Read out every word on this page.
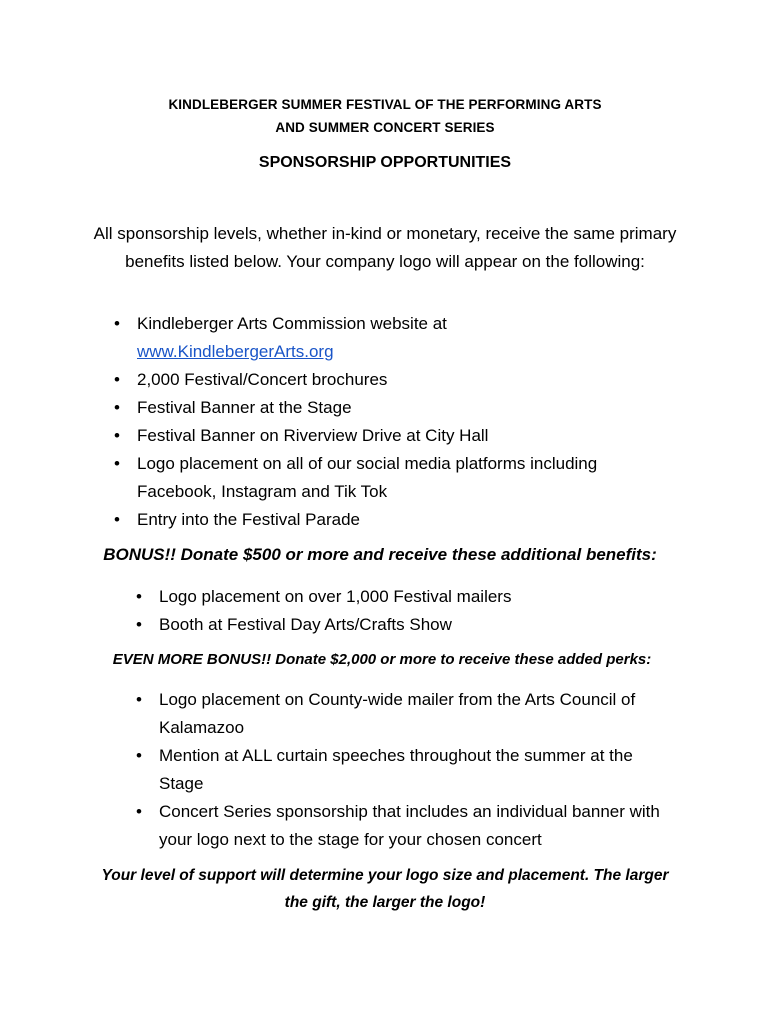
KINDLEBERGER SUMMER FESTIVAL OF THE PERFORMING ARTS
AND SUMMER CONCERT SERIES
SPONSORSHIP OPPORTUNITIES
All sponsorship levels, whether in-kind or monetary, receive the same primary benefits listed below. Your company logo will appear on the following:
• Kindleberger Arts Commission website at
www.KindlebergerArts.org
• 2,000 Festival/Concert brochures
• Festival Banner at the Stage
• Festival Banner on Riverview Drive at City Hall
• Logo placement on all of our social media platforms including Facebook, Instagram and Tik Tok
• Entry into the Festival Parade
BONUS!! Donate $500 or more and receive these additional benefits:
• Logo placement on over 1,000 Festival mailers
• Booth at Festival Day Arts/Crafts Show
EVEN MORE BONUS!! Donate $2,000 or more to receive these added perks:
• Logo placement on County-wide mailer from the Arts Council of Kalamazoo
• Mention at ALL curtain speeches throughout the summer at the Stage
• Concert Series sponsorship that includes an individual banner with your logo next to the stage for your chosen concert
Your level of support will determine your logo size and placement. The larger the gift, the larger the logo!
